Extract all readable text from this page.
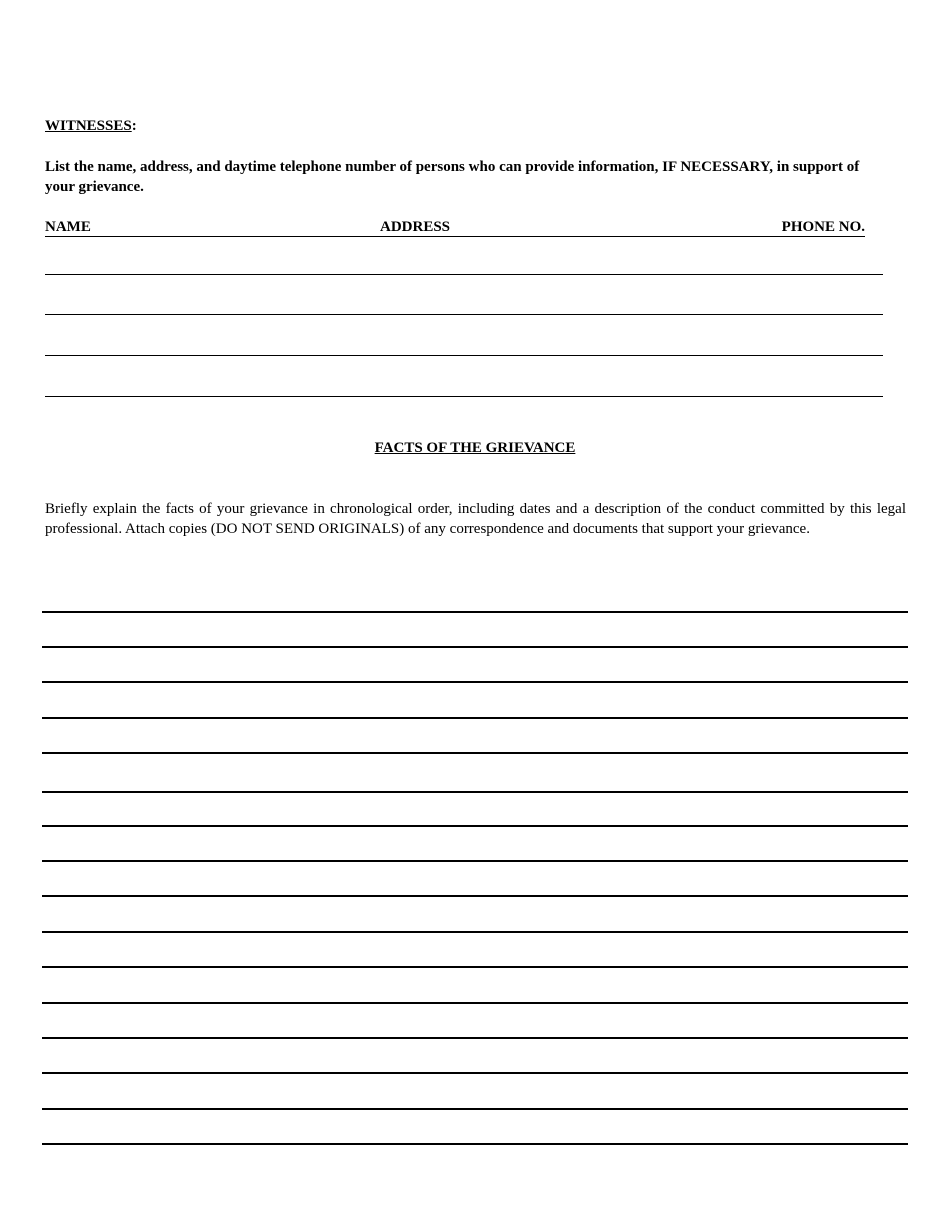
WITNESSES:
List the name, address, and daytime telephone number of persons who can provide information, IF NECESSARY, in support of your grievance.
NAME	ADDRESS	PHONE NO.
FACTS OF THE GRIEVANCE
Briefly explain the facts of your grievance in chronological order, including dates and a description of the conduct committed by this legal professional. Attach copies (DO NOT SEND ORIGINALS) of any correspondence and documents that support your grievance.
